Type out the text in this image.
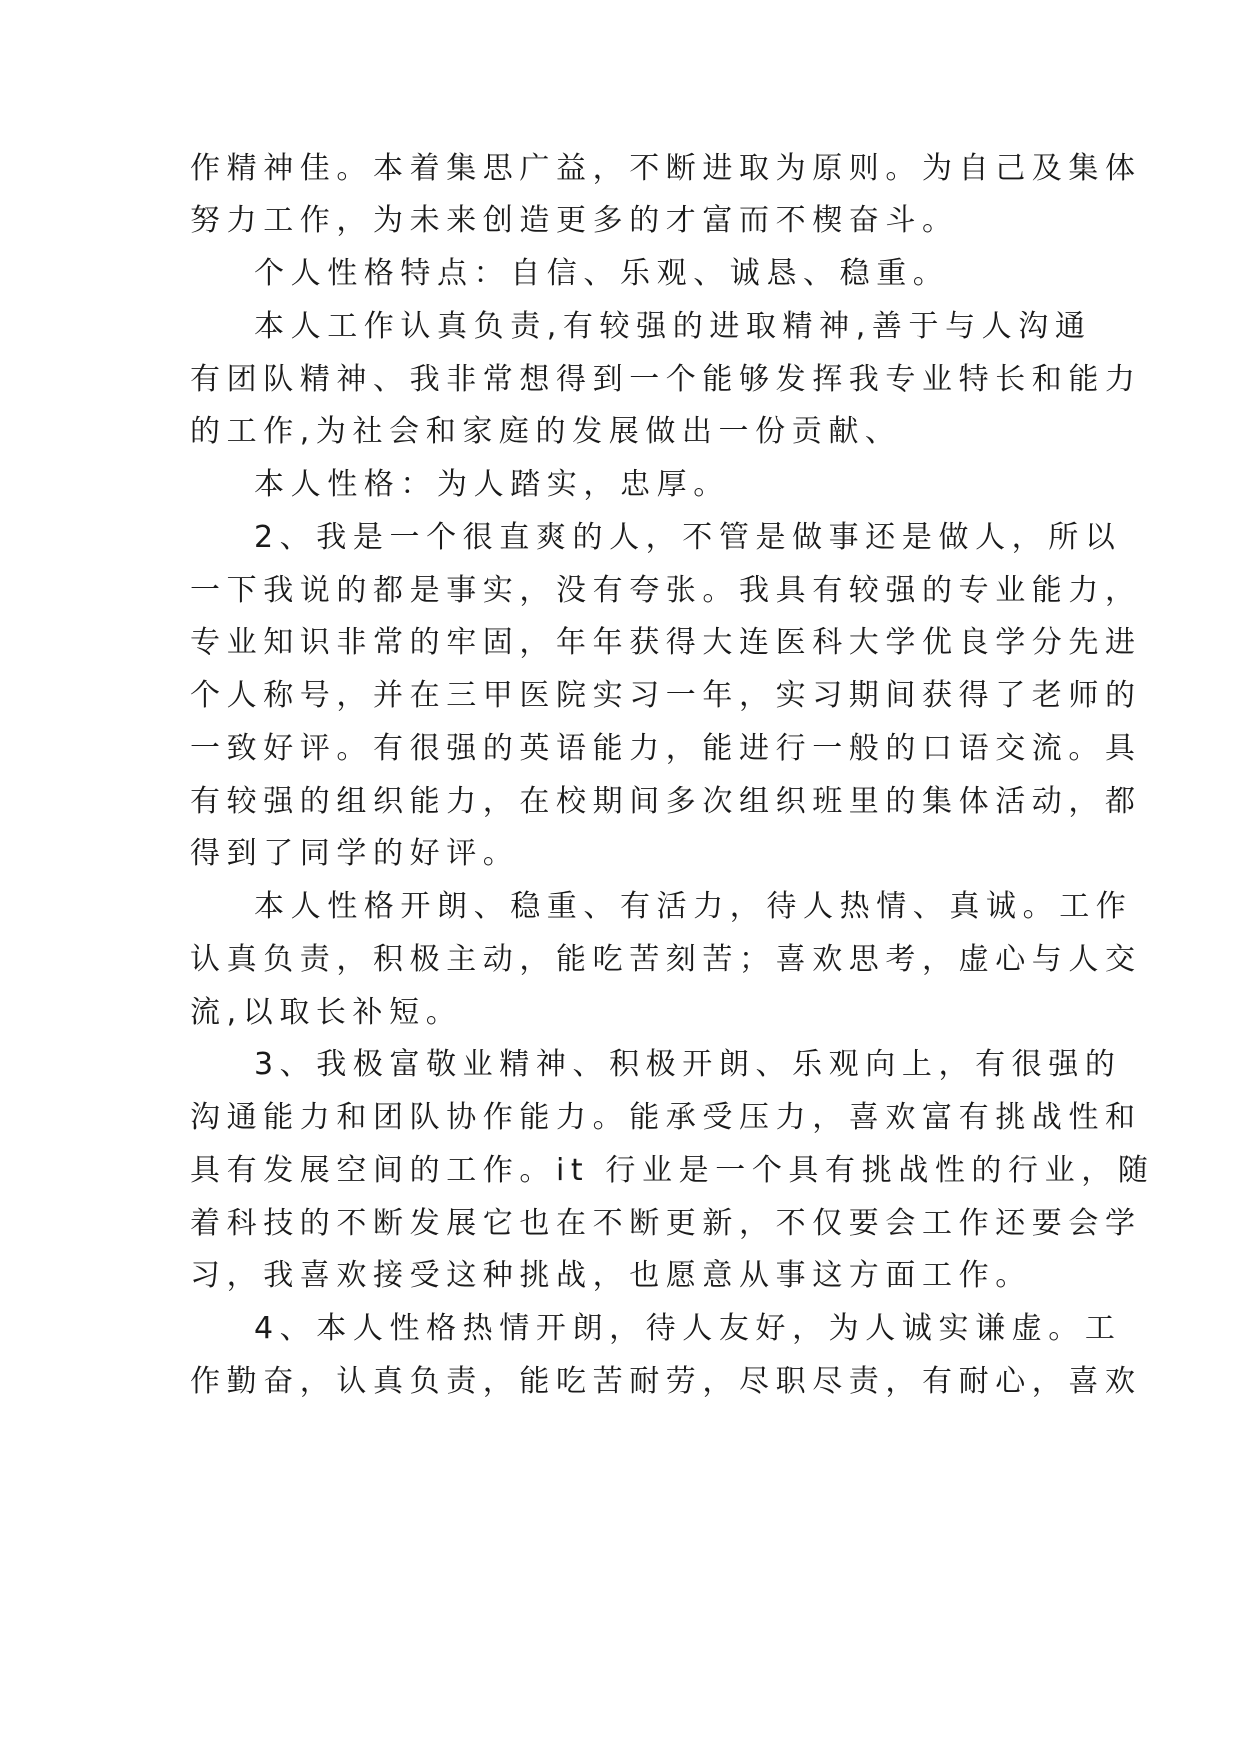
作精神佳。本着集思广益，不断进取为原则。为自己及集体
努力工作，为未来创造更多的才富而不楔奋斗。
个人性格特点：自信、乐观、诚恳、稳重。
本人工作认真负责,有较强的进取精神,善于与人沟通
有团队精神、我非常想得到一个能够发挥我专业特长和能力
的工作,为社会和家庭的发展做出一份贡献、
本人性格：为人踏实，忠厚。
2、我是一个很直爽的人，不管是做事还是做人，所以
一下我说的都是事实，没有夸张。我具有较强的专业能力，
专业知识非常的牢固，年年获得大连医科大学优良学分先进
个人称号，并在三甲医院实习一年，实习期间获得了老师的
一致好评。有很强的英语能力，能进行一般的口语交流。具
有较强的组织能力，在校期间多次组织班里的集体活动，都
得到了同学的好评。
本人性格开朗、稳重、有活力，待人热情、真诚。工作
认真负责，积极主动，能吃苦刻苦；喜欢思考，虚心与人交
流,以取长补短。
3、我极富敬业精神、积极开朗、乐观向上，有很强的
沟通能力和团队协作能力。能承受压力，喜欢富有挑战性和
具有发展空间的工作。it 行业是一个具有挑战性的行业，随
着科技的不断发展它也在不断更新，不仅要会工作还要会学
习，我喜欢接受这种挑战，也愿意从事这方面工作。
4、本人性格热情开朗，待人友好，为人诚实谦虚。工
作勤奋，认真负责，能吃苦耐劳，尽职尽责，有耐心，喜欢
